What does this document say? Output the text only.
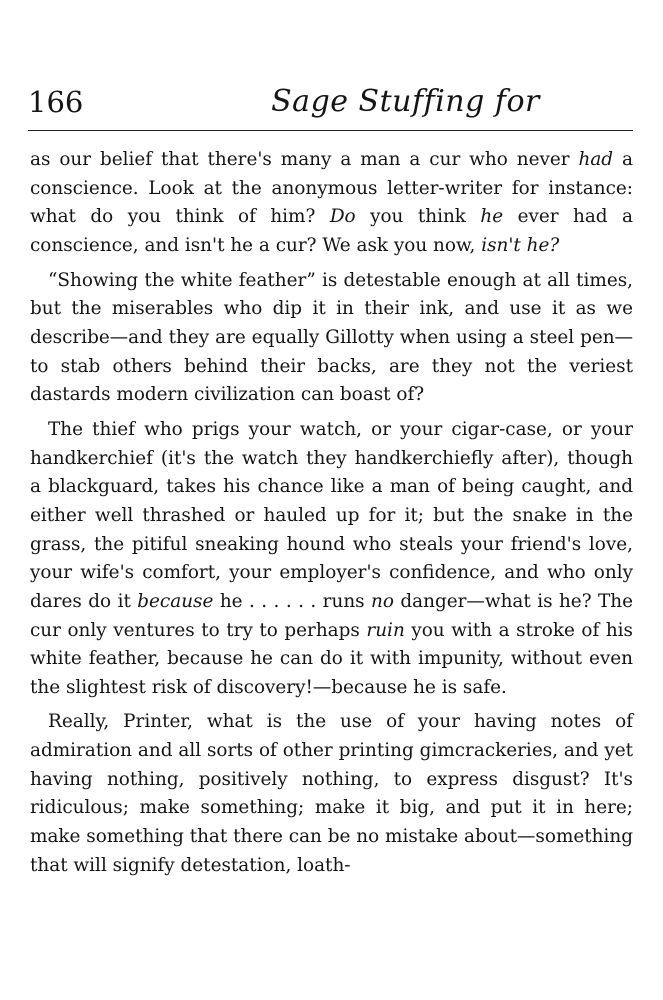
166	Sage Stuffing for

as our belief that there's many a man a cur who never had a conscience. Look at the anonymous letter-writer for instance: what do you think of him? Do you think he ever had a conscience, and isn't he a cur? We ask you now, isn't he?

“Showing the white feather” is detestable enough at all times, but the miserables who dip it in their ink, and use it as we describe—and they are equally Gillotty when using a steel pen—to stab others behind their backs, are they not the veriest dastards modern civilization can boast of?

The thief who prigs your watch, or your cigar-case, or your handkerchief (it's the watch they handkerchiefly after), though a blackguard, takes his chance like a man of being caught, and either well thrashed or hauled up for it; but the snake in the grass, the pitiful sneaking hound who steals your friend's love, your wife's comfort, your employer's confidence, and who only dares do it because he . . . . . . runs no danger—what is he? The cur only ventures to try to perhaps ruin you with a stroke of his white feather, because he can do it with impunity, without even the slightest risk of discovery!—because he is safe.

Really, Printer, what is the use of your having notes of admiration and all sorts of other printing gimcrackeries, and yet having nothing, positively nothing, to express disgust? It's ridiculous; make something; make it big, and put it in here; make something that there can be no mistake about—something that will signify detestation, loath-
